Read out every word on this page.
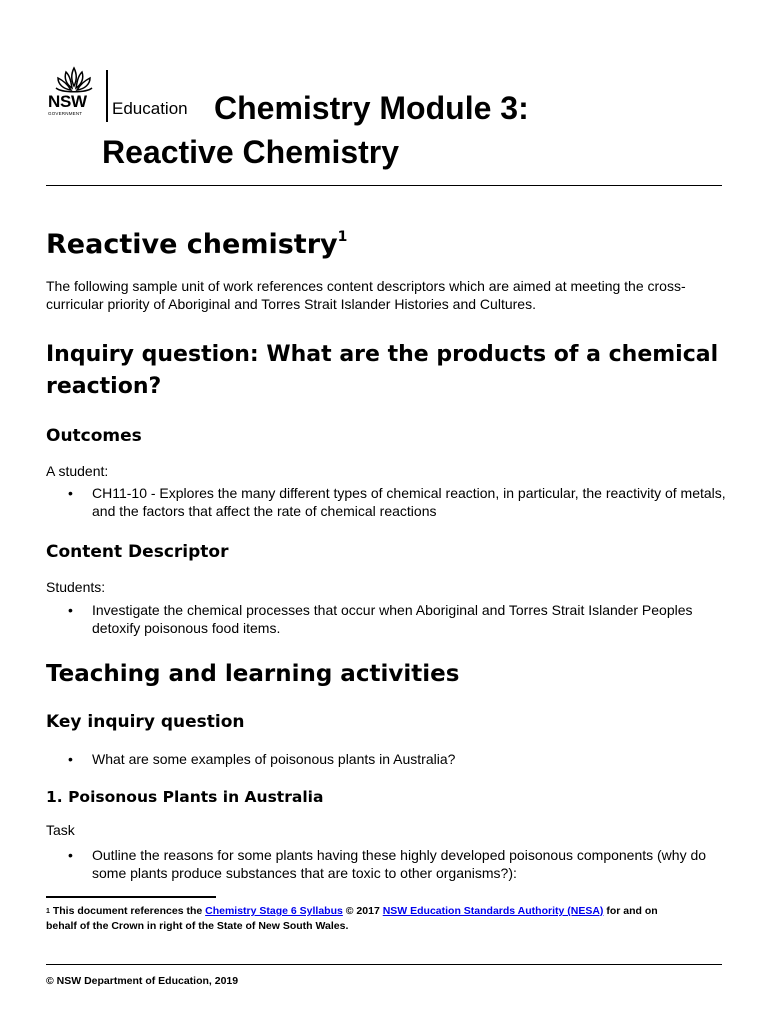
NSW
GOVERNMENT Education Chemistry Module 3:
Reactive Chemistry
Reactive chemistry$^1$

The following sample unit of work references content descriptors which are aimed at meeting the cross-curricular priority of Aboriginal and Torres Strait Islander Histories and Cultures.

Inquiry question: What are the products of a chemical reaction?
Outcomes

A student:

• CH11-10 - Explores the many different types of chemical reaction, in particular, the reactivity of metals, and the factors that affect the rate of chemical reactions
Content Descriptor

Students:

• Investigate the chemical processes that occur when Aboriginal and Torres Strait Islander Peoples detoxify poisonous food items.
Teaching and learning activities
Key inquiry question
• What are some examples of poisonous plants in Australia?
1. Poisonous Plants in Australia

Task

• Outline the reasons for some plants having these highly developed poisonous components (why do some plants produce substances that are toxic to other organisms?):
$^1$ This document references the Chemistry Stage 6 Syllabus © 2017 NSW Education Standards Authority (NESA) for and on behalf of the Crown in right of the State of New South Wales.
© NSW Department of Education, 2019
